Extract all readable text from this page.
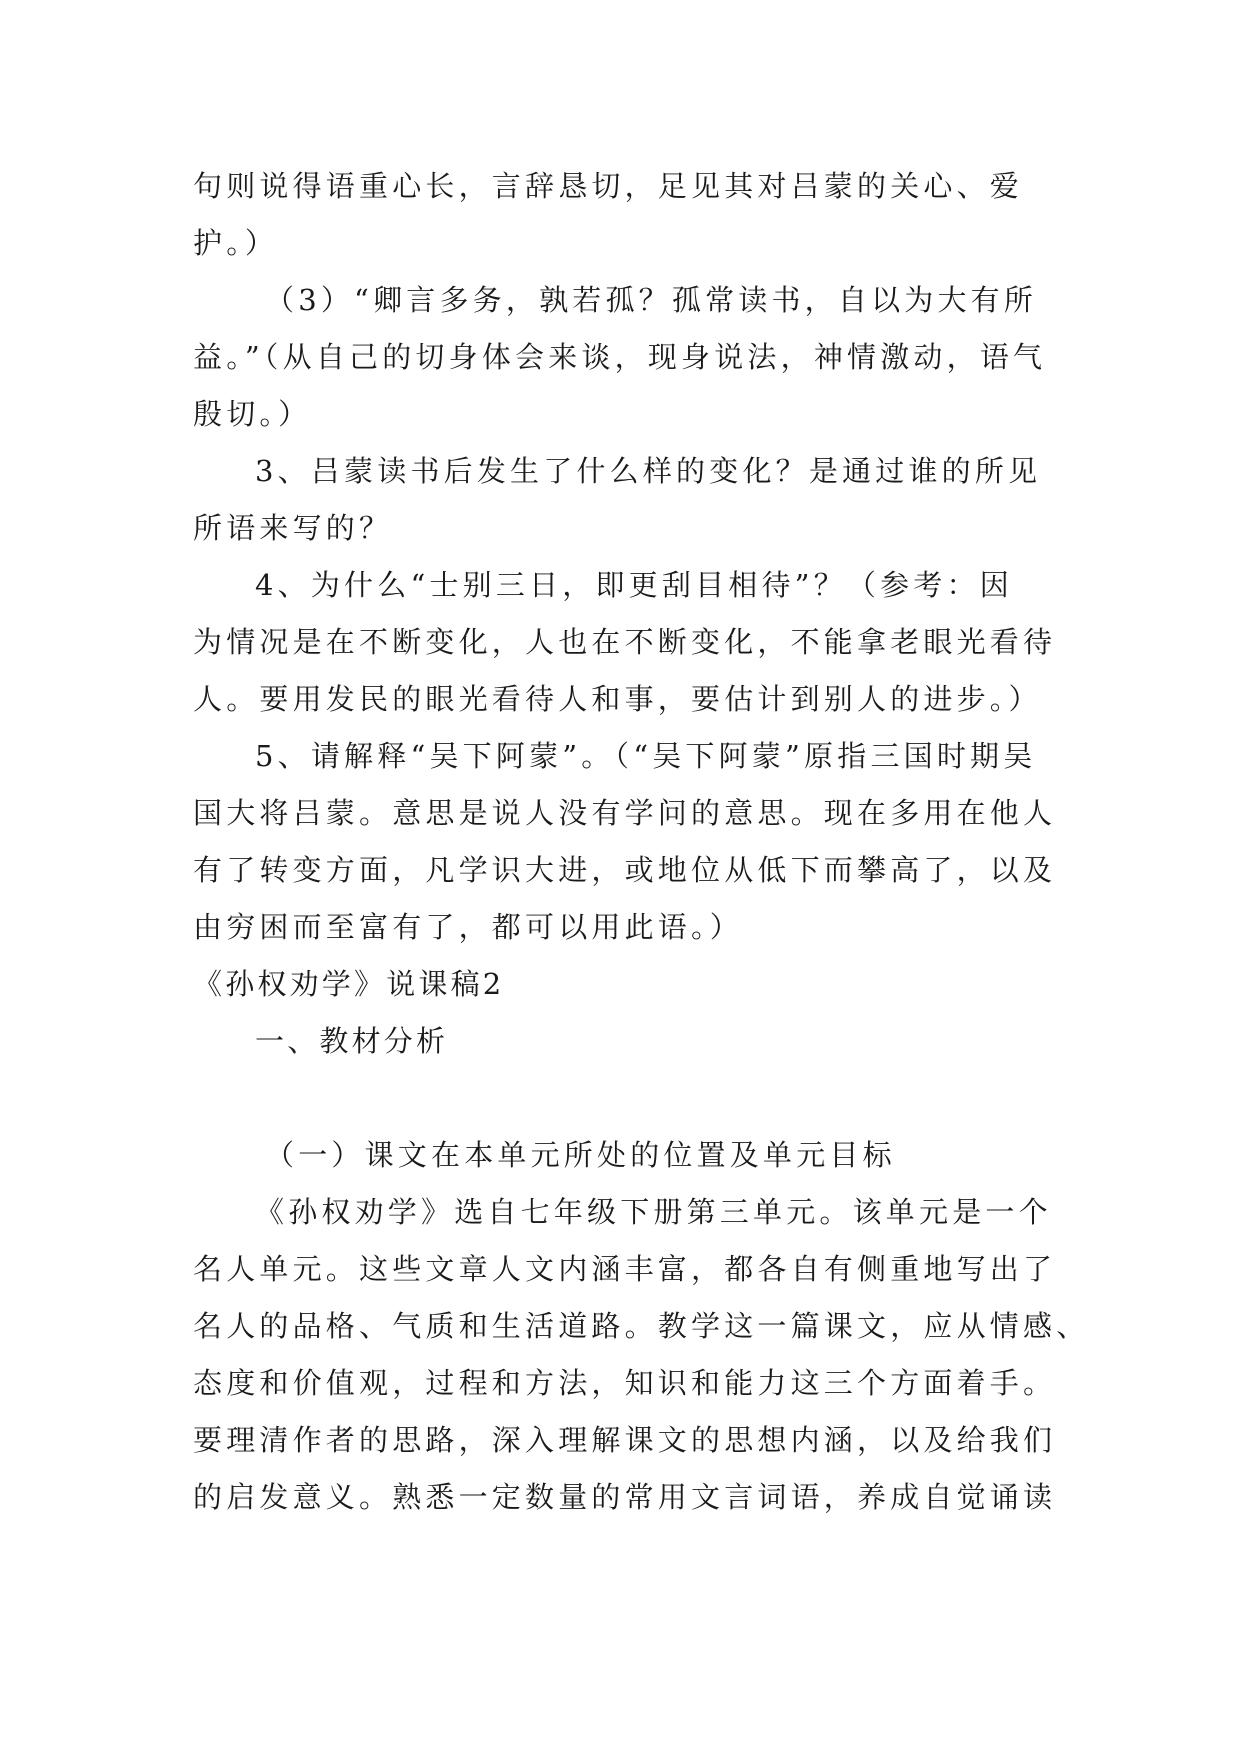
句则说得语重心长，言辞恳切，足见其对吕蒙的关心、爱
护。）
（3）“卿言多务，孰若孤？孤常读书，自以为大有所
益。”（从自己的切身体会来谈，现身说法，神情激动，语气
殷切。）
3、吕蒙读书后发生了什么样的变化？是通过谁的所见
所语来写的？
4、为什么“士别三日，即更刮目相待”？（参考：因
为情况是在不断变化，人也在不断变化，不能拿老眼光看待
人。要用发民的眼光看待人和事，要估计到别人的进步。）
5、请解释“吴下阿蒙”。（“吴下阿蒙”原指三国时期吴
国大将吕蒙。意思是说人没有学问的意思。现在多用在他人
有了转变方面，凡学识大进，或地位从低下而攀高了，以及
由穷困而至富有了，都可以用此语。）
《孙权劝学》说课稿2
一、教材分析
（一）课文在本单元所处的位置及单元目标
《孙权劝学》选自七年级下册第三单元。该单元是一个
名人单元。这些文章人文内涵丰富，都各自有侧重地写出了
名人的品格、气质和生活道路。教学这一篇课文，应从情感、
态度和价值观，过程和方法，知识和能力这三个方面着手。
要理清作者的思路，深入理解课文的思想内涵，以及给我们
的启发意义。熟悉一定数量的常用文言词语，养成自觉诵读
